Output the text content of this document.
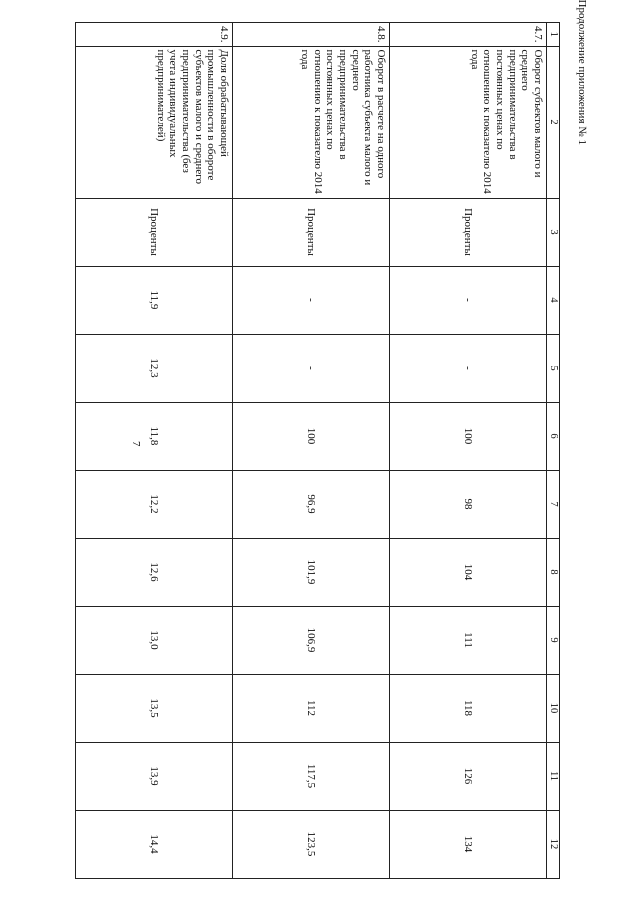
7
Продолжение приложения № 1
1	2	3	4	5	6	7	8	9	10	11	12
4.7.	Оборот субъектов малого и среднего предпринимательства в постоянных ценах по отношению к показателю 2014 года	Проценты	-	-	100	98	104	111	118	126	134
4.8.	Оборот в расчете на одного работника субъекта малого и среднего предпринимательства в постоянных ценах по отношению к показателю 2014 года	Проценты	-	-	100	96,9	101,9	106,9	112	117,5	123,5
4.9.	Доля обрабатывающей промышленности в обороте субъектов малого и среднего предпринимательства (без учета индивидуальных предпринимателей)	Проценты	11,9	12,3	11,8	12,2	12,6	13,0	13,5	13,9	14,4
